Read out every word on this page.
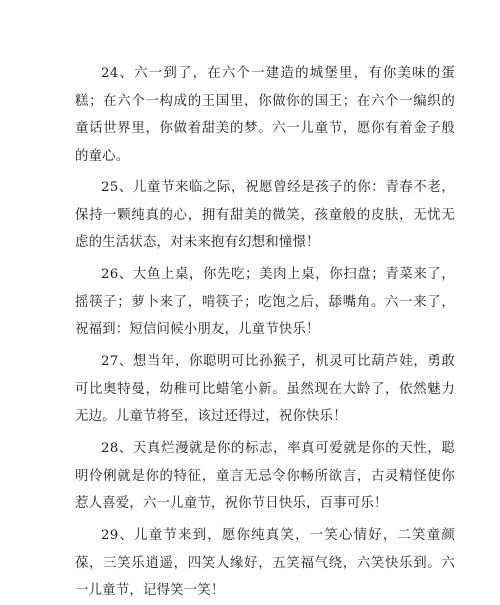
24、六一到了，在六个一建造的城堡里，有你美味的蛋糕；在六个一构成的王国里，你做你的国王；在六个一编织的童话世界里，你做着甜美的梦。六一儿童节，愿你有着金子般的童心。

25、儿童节来临之际，祝愿曾经是孩子的你：青春不老，保持一颗纯真的心，拥有甜美的微笑，孩童般的皮肤，无忧无虑的生活状态，对未来抱有幻想和憧憬！

26、大鱼上桌，你先吃；美肉上桌，你扫盘；青菜来了，摇筷子；萝卜来了，啃筷子；吃饱之后，舔嘴角。六一来了，祝福到：短信问候小朋友，儿童节快乐！

27、想当年，你聪明可比孙猴子，机灵可比葫芦娃，勇敢可比奥特曼，幼稚可比蜡笔小新。虽然现在大龄了，依然魅力无边。儿童节将至，该过还得过，祝你快乐！

28、天真烂漫就是你的标志，率真可爱就是你的天性，聪明伶俐就是你的特征，童言无忌令你畅所欲言，古灵精怪使你惹人喜爱，六一儿童节，祝你节日快乐，百事可乐！

29、儿童节来到，愿你纯真笑，一笑心情好，二笑童颜葆，三笑乐逍遥，四笑人缘好，五笑福气绕，六笑快乐到。六一儿童节，记得笑一笑！
